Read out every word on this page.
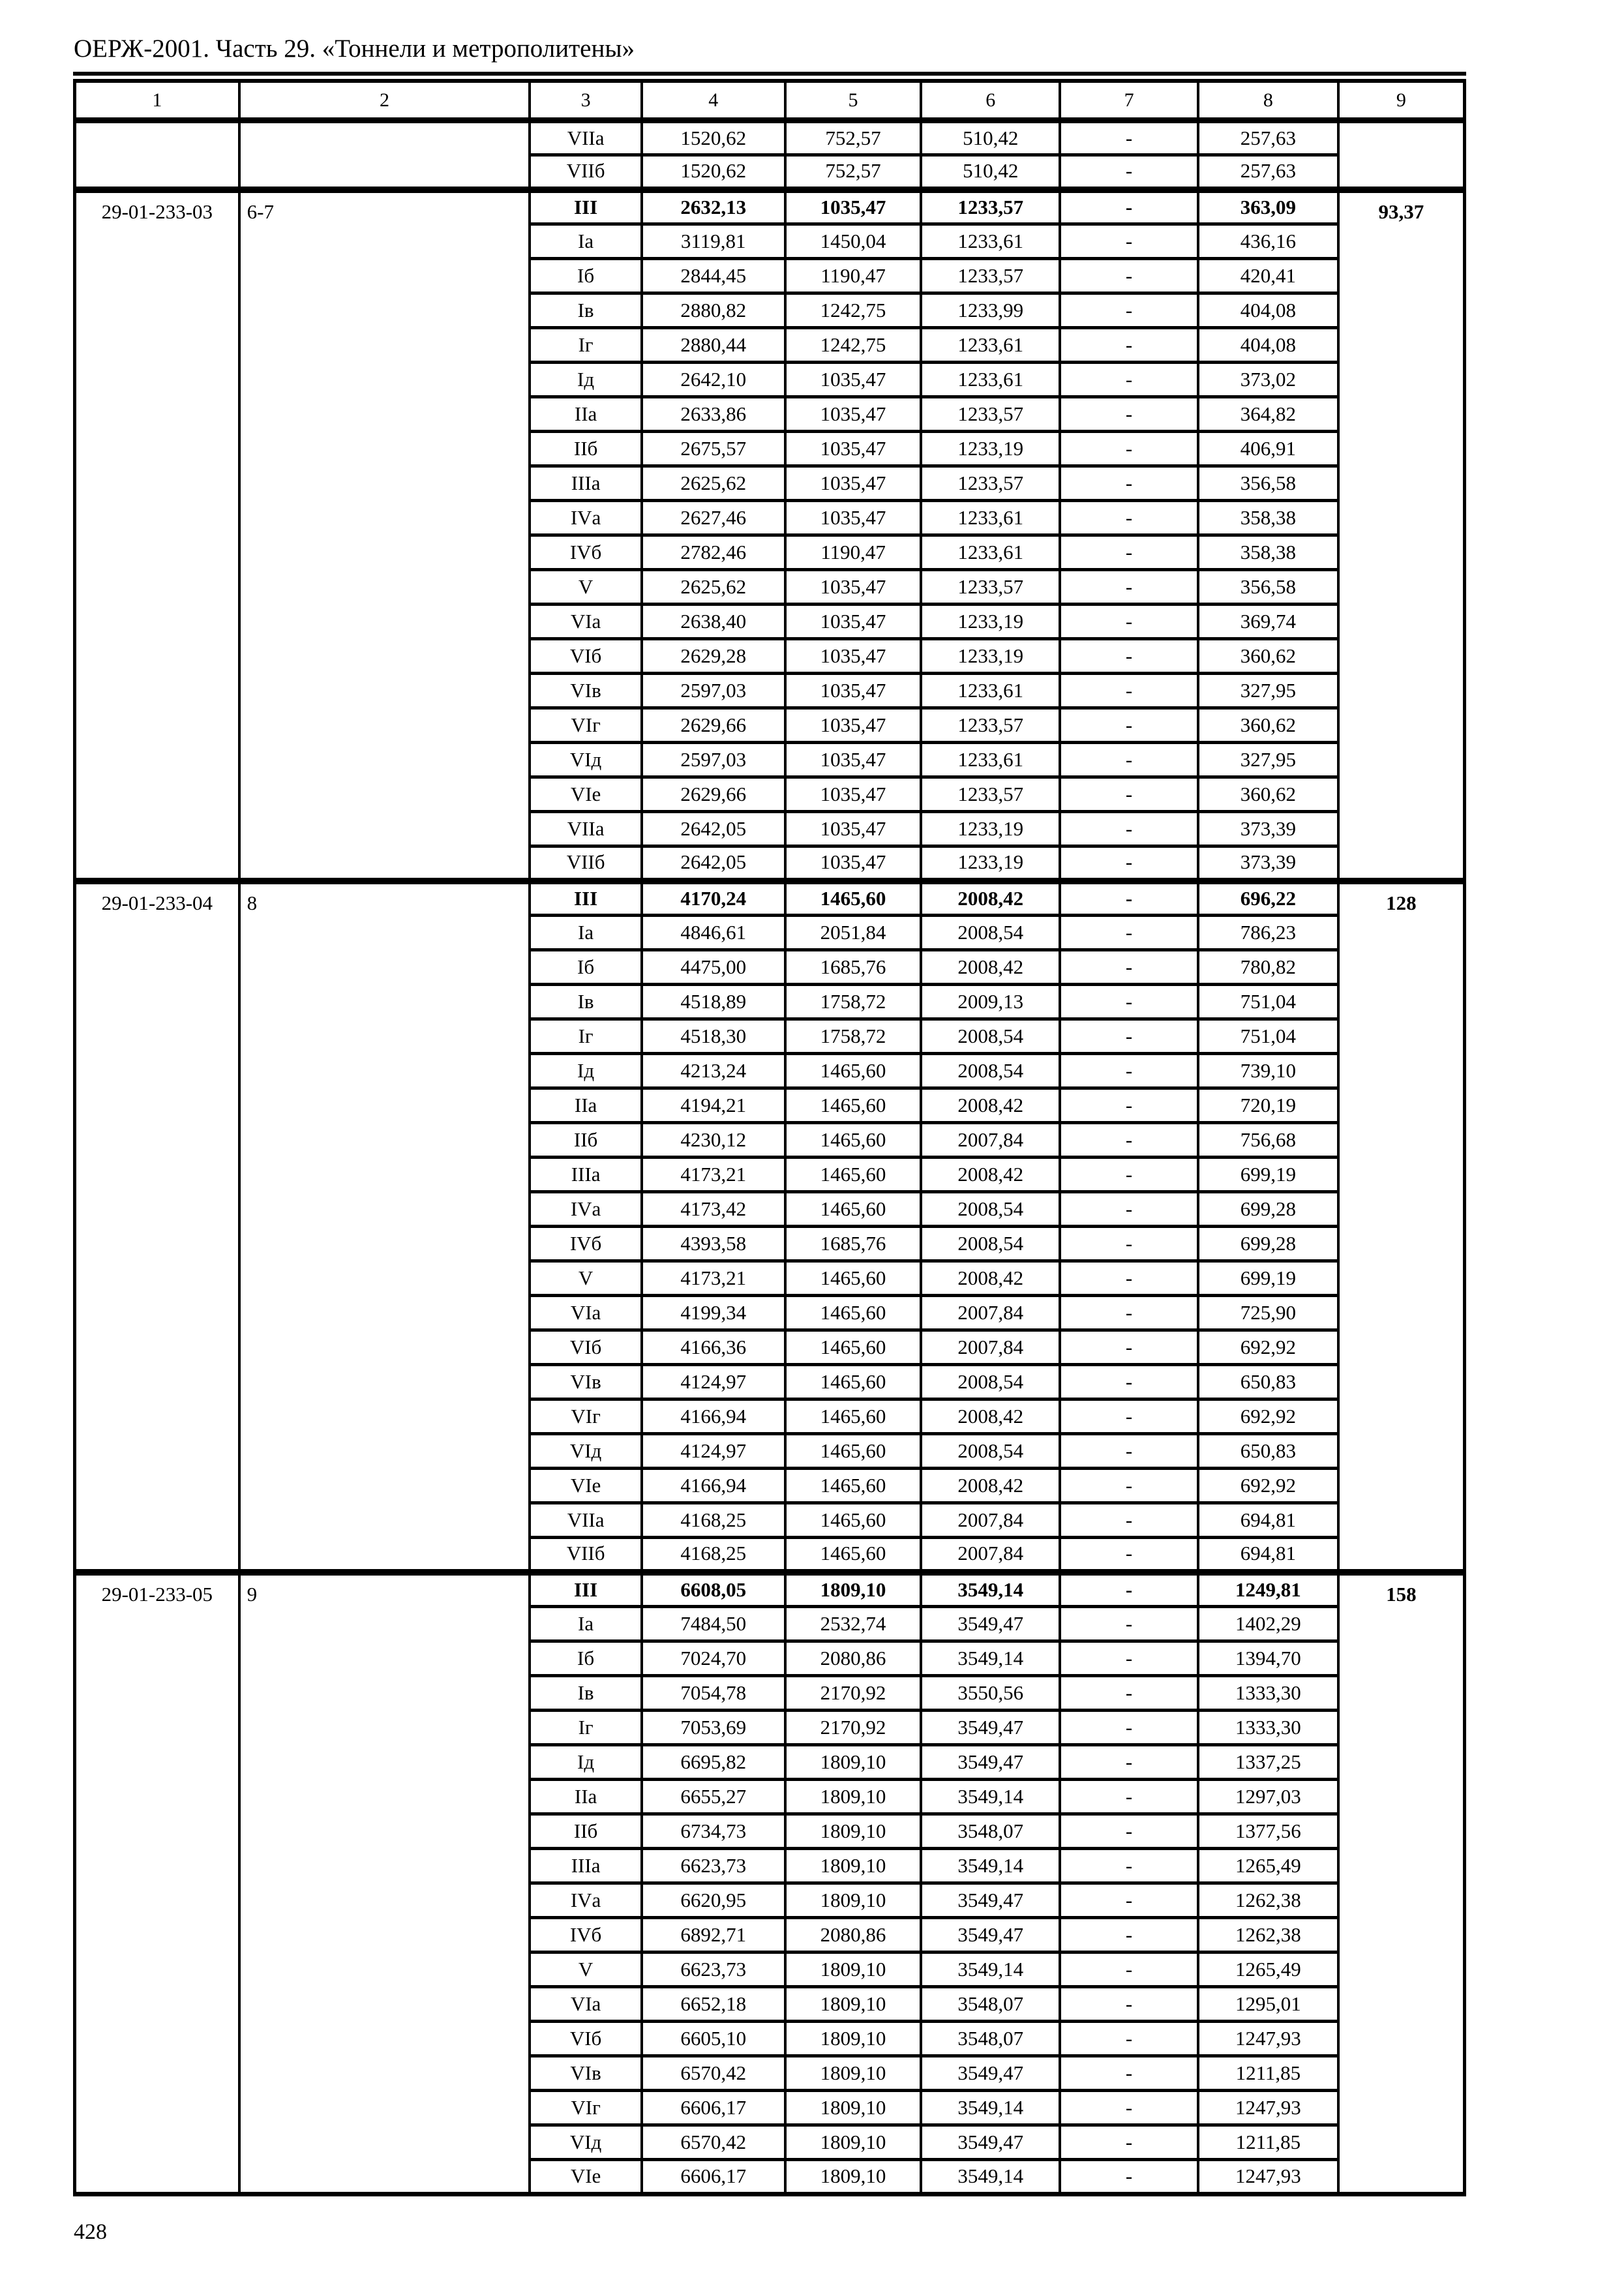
ОЕРЖ-2001. Часть 29. «Тоннели и метрополитены»
1	2	3	4	5	6	7	8	9
		VIIа	1520,62	752,57	510,42	-	257,63	
		VIIб	1520,62	752,57	510,42	-	257,63	
29-01-233-03	6-7	III	2632,13	1035,47	1233,57	-	363,09	93,37
		Iа	3119,81	1450,04	1233,61	-	436,16	
		Iб	2844,45	1190,47	1233,57	-	420,41	
		Iв	2880,82	1242,75	1233,99	-	404,08	
		Iг	2880,44	1242,75	1233,61	-	404,08	
		Iд	2642,10	1035,47	1233,61	-	373,02	
		IIа	2633,86	1035,47	1233,57	-	364,82	
		IIб	2675,57	1035,47	1233,19	-	406,91	
		IIIа	2625,62	1035,47	1233,57	-	356,58	
		IVа	2627,46	1035,47	1233,61	-	358,38	
		IVб	2782,46	1190,47	1233,61	-	358,38	
		V	2625,62	1035,47	1233,57	-	356,58	
		VIа	2638,40	1035,47	1233,19	-	369,74	
		VIб	2629,28	1035,47	1233,19	-	360,62	
		VIв	2597,03	1035,47	1233,61	-	327,95	
		VIг	2629,66	1035,47	1233,57	-	360,62	
		VIд	2597,03	1035,47	1233,61	-	327,95	
		VIе	2629,66	1035,47	1233,57	-	360,62	
		VIIа	2642,05	1035,47	1233,19	-	373,39	
		VIIб	2642,05	1035,47	1233,19	-	373,39	
29-01-233-04	8	III	4170,24	1465,60	2008,42	-	696,22	128
		Iа	4846,61	2051,84	2008,54	-	786,23	
		Iб	4475,00	1685,76	2008,42	-	780,82	
		Iв	4518,89	1758,72	2009,13	-	751,04	
		Iг	4518,30	1758,72	2008,54	-	751,04	
		Iд	4213,24	1465,60	2008,54	-	739,10	
		IIа	4194,21	1465,60	2008,42	-	720,19	
		IIб	4230,12	1465,60	2007,84	-	756,68	
		IIIа	4173,21	1465,60	2008,42	-	699,19	
		IVа	4173,42	1465,60	2008,54	-	699,28	
		IVб	4393,58	1685,76	2008,54	-	699,28	
		V	4173,21	1465,60	2008,42	-	699,19	
		VIа	4199,34	1465,60	2007,84	-	725,90	
		VIб	4166,36	1465,60	2007,84	-	692,92	
		VIв	4124,97	1465,60	2008,54	-	650,83	
		VIг	4166,94	1465,60	2008,42	-	692,92	
		VIд	4124,97	1465,60	2008,54	-	650,83	
		VIе	4166,94	1465,60	2008,42	-	692,92	
		VIIа	4168,25	1465,60	2007,84	-	694,81	
		VIIб	4168,25	1465,60	2007,84	-	694,81	
29-01-233-05	9	III	6608,05	1809,10	3549,14	-	1249,81	158
		Iа	7484,50	2532,74	3549,47	-	1402,29	
		Iб	7024,70	2080,86	3549,14	-	1394,70	
		Iв	7054,78	2170,92	3550,56	-	1333,30	
		Iг	7053,69	2170,92	3549,47	-	1333,30	
		Iд	6695,82	1809,10	3549,47	-	1337,25	
		IIа	6655,27	1809,10	3549,14	-	1297,03	
		IIб	6734,73	1809,10	3548,07	-	1377,56	
		IIIа	6623,73	1809,10	3549,14	-	1265,49	
		IVа	6620,95	1809,10	3549,47	-	1262,38	
		IVб	6892,71	2080,86	3549,47	-	1262,38	
		V	6623,73	1809,10	3549,14	-	1265,49	
		VIа	6652,18	1809,10	3548,07	-	1295,01	
		VIб	6605,10	1809,10	3548,07	-	1247,93	
		VIв	6570,42	1809,10	3549,47	-	1211,85	
		VIг	6606,17	1809,10	3549,14	-	1247,93	
		VIд	6570,42	1809,10	3549,47	-	1211,85	
		VIе	6606,17	1809,10	3549,14	-	1247,93	
428
